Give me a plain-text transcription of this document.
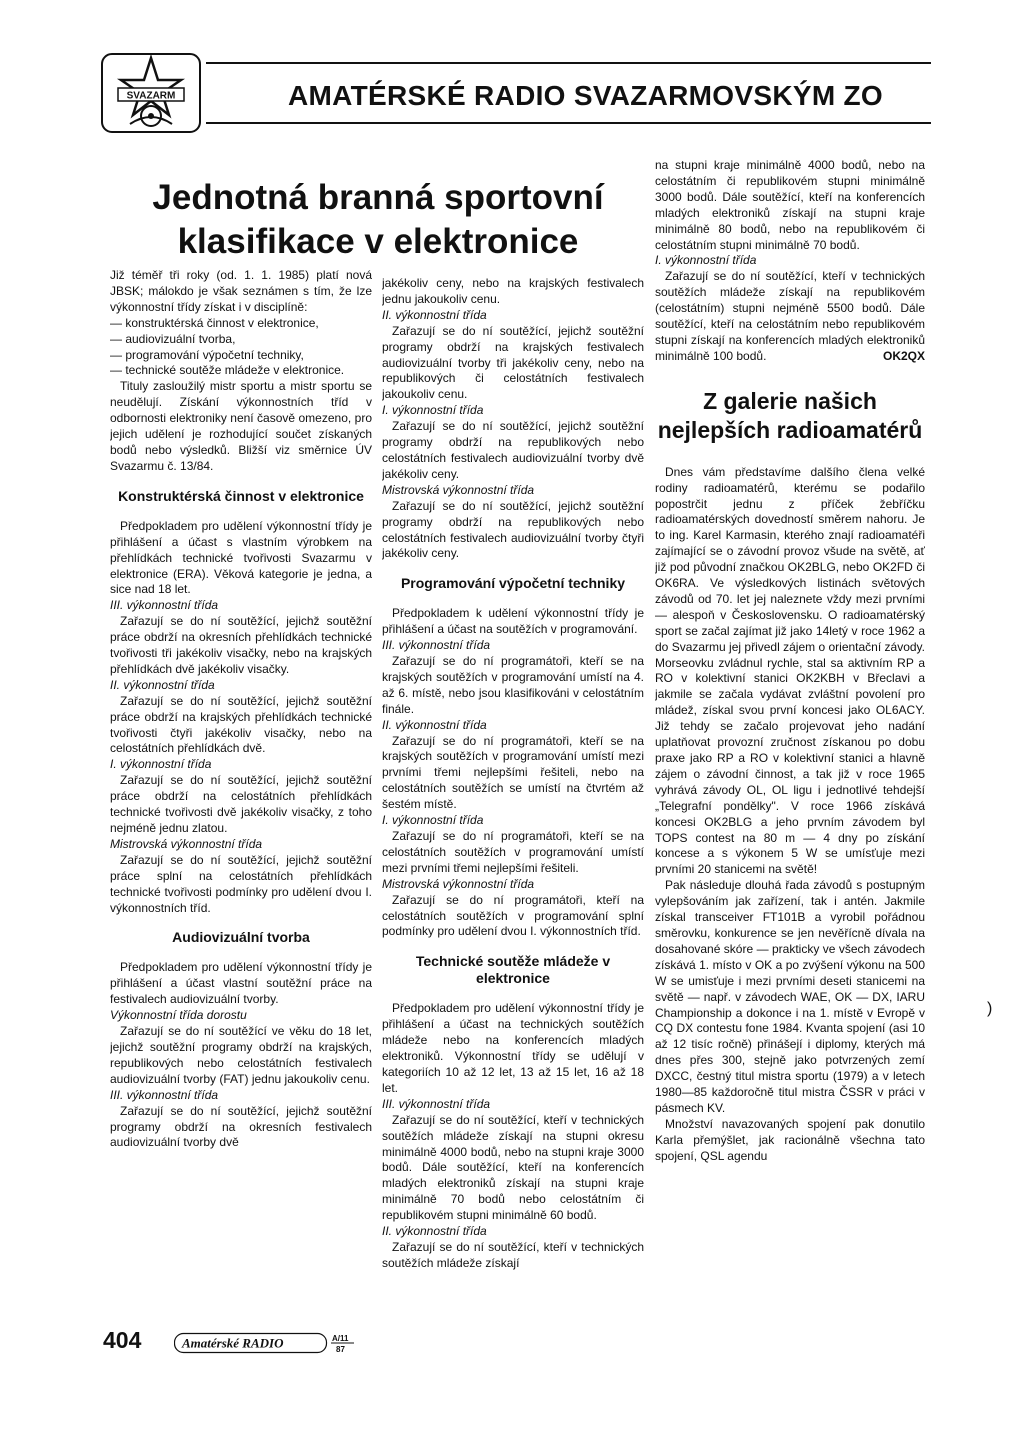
SVAZARM	AMATÉRSKÉ RADIO SVAZARMOVSKÝM ZO
Jednotná branná sportovní
klasifikace v elektronice

Již téměř tři roky (od. 1. 1. 1985) platí nová JBSK; málokdo je však seznámen s tím, že lze výkonnostní třídy získat i v disciplíně:

— konstruktérská činnost v elektronice,

— audiovizuální tvorba,

— programování výpočetní techniky,

— technické soutěže mládeže v elektronice.

Tituly zasloužilý mistr sportu a mistr sportu se neudělují. Získání výkonnostních tříd v odbornosti elektroniky není časově omezeno, pro jejich udělení je rozhodující součet získaných bodů nebo výsledků. Bližší viz směrnice ÚV Svazarmu č. 13/84.

Konstruktérská činnost v elektronice

Předpokladem pro udělení výkonnostní třídy je přihlášení a účast s vlastním výrobkem na přehlídkách technické tvořivosti Svazarmu v elektronice (ERA). Věková kategorie je jedna, a sice nad 18 let.

III. výkonnostní třída

Zařazují se do ní soutěžící, jejichž soutěžní práce obdrží na okresních přehlídkách technické tvořivosti tři jakékoliv visačky, nebo na krajských přehlídkách dvě jakékoliv visačky.

II. výkonnostní třída

Zařazují se do ní soutěžící, jejichž soutěžní práce obdrží na krajských přehlídkách technické tvořivosti čtyři jakékoliv visačky, nebo na celostátních přehlídkách dvě.

I. výkonnostní třída

Zařazují se do ní soutěžící, jejichž soutěžní práce obdrží na celostátních přehlídkách technické tvořivosti dvě jakékoliv visačky, z toho nejméně jednu zlatou.

Mistrovská výkonnostní třída

Zařazují se do ní soutěžící, jejichž soutěžní práce splní na celostátních přehlídkách technické tvořivosti podmínky pro udělení dvou I. výkonnostních tříd.

Audiovizuální tvorba

Předpokladem pro udělení výkonnostní třídy je přihlášení a účast vlastní soutěžní práce na festivalech audiovizuální tvorby.

Výkonnostní třída dorostu

Zařazují se do ní soutěžící ve věku do 18 let, jejichž soutěžní programy obdrží na krajských, republikových nebo celostátních festivalech audiovizuální tvorby (FAT) jednu jakoukoliv cenu.

III. výkonnostní třída

Zařazují se do ní soutěžící, jejichž soutěžní programy obdrží na okresních festivalech audiovizuální tvorby dvě

jakékoliv ceny, nebo na krajských festivalech jednu jakoukoliv cenu.

II. výkonnostní třída

Zařazují se do ní soutěžící, jejichž soutěžní programy obdrží na krajských festivalech audiovizuální tvorby tři jakékoliv ceny, nebo na republikových či celostátních festivalech jakoukoliv cenu.

I. výkonnostní třída

Zařazují se do ní soutěžící, jejichž soutěžní programy obdrží na republikových nebo celostátních festivalech audiovizuální tvorby dvě jakékoliv ceny.

Mistrovská výkonnostní třída

Zařazují se do ní soutěžící, jejichž soutěžní programy obdrží na republikových nebo celostátních festivalech audiovizuální tvorby čtyři jakékoliv ceny.

Programování výpočetní techniky

Předpokladem k udělení výkonnostní třídy je přihlášení a účast na soutěžích v programování.

III. výkonnostní třída

Zařazují se do ní programátoři, kteří se na krajských soutěžích v programování umístí na 4. až 6. místě, nebo jsou klasifikováni v celostátním finále.

II. výkonnostní třída

Zařazují se do ní programátoři, kteří se na krajských soutěžích v programování umístí mezi prvními třemi nejlepšími řešiteli, nebo na celostátních soutěžích se umístí na čtvrtém až šestém místě.

I. výkonnostní třída

Zařazují se do ní programátoři, kteří se na celostátních soutěžích v programování umístí mezi prvními třemi nejlepšími řešiteli.

Mistrovská výkonnostní třída

Zařazují se do ní programátoři, kteří na celostátních soutěžích v programování splní podmínky pro udělení dvou I. výkonnostních tříd.

Technické soutěže mládeže v elektronice

Předpokladem pro udělení výkonnostní třídy je přihlášení a účast na technických soutěžích mládeže nebo na konferencích mladých elektroniků. Výkonnostní třídy se udělují v kategoriích 10 až 12 let, 13 až 15 let, 16 až 18 let.

III. výkonnostní třída

Zařazují se do ní soutěžící, kteří v technických soutěžích mládeže získají na stupni okresu minimálně 4000 bodů, nebo na stupni kraje 3000 bodů. Dále soutěžící, kteří na konferencích mladých elektroniků získají na stupni kraje minimálně 70 bodů nebo celostátním či republikovém stupni minimálně 60 bodů.

II. výkonnostní třída

Zařazují se do ní soutěžící, kteří v technických soutěžích mládeže získají

na stupni kraje minimálně 4000 bodů, nebo na celostátním či republikovém stupni minimálně 3000 bodů. Dále soutěžící, kteří na konferencích mladých elektroniků získají na stupni kraje minimálně 80 bodů, nebo na republikovém či celostátním stupni minimálně 70 bodů.

I. výkonnostní třída

Zařazují se do ní soutěžící, kteří v technických soutěžích mládeže získají na republikovém (celostátním) stupni nejméně 5500 bodů. Dále soutěžící, kteří na celostátním nebo republikovém stupni získají na konferencích mladých elektroniků minimálně 100 bodů.	OK2QX
Z galerie našich nejlepších radioamatérů

Dnes vám představíme dalšího člena velké rodiny radioamatérů, kterému se podařilo popostrčit jednu z příček žebříčku radioamatérských dovedností směrem nahoru. Je to ing. Karel Karmasin, kterého znají radioamatéři zajímající se o závodní provoz všude na světě, ať již pod původní značkou OK2BLG, nebo OK2FD či OK6RA. Ve výsledkových listinách světových závodů od 70. let jej naleznete vždy mezi prvními — alespoň v Československu. O radioamatérský sport se začal zajímat již jako 14letý v roce 1962 a do Svazarmu jej přivedl zájem o orientační závody. Morseovku zvládnul rychle, stal sa aktivním RP a RO v kolektivní stanici OK2KBH v Břeclavi a jakmile se začala vydávat zvláštní povolení pro mládež, získal svou první koncesi jako OL6ACY. Již tehdy se začalo projevovat jeho nadání uplatňovat provozní zručnost získanou po dobu praxe jako RP a RO v kolektivní stanici a hlavně zájem o závodní činnost, a tak již v roce 1965 vyhrává závody OL, OL ligu i jednotlivé tehdejší „Telegrafní pondělky". V roce 1966 získává koncesi OK2BLG a jeho prvním závodem byl TOPS contest na 80 m — 4 dny po získání koncese a s výkonem 5 W se umísťuje mezi prvními 20 stanicemi na světě!

Pak následuje dlouhá řada závodů s postupným vylepšováním jak zařízení, tak i antén. Jakmile získal transceiver FT101B a vyrobil pořádnou směrovku, konkurence se jen nevěřícně dívala na dosahované skóre — prakticky ve všech závodech získává 1. místo v OK a po zvýšení výkonu na 500 W se umisťuje i mezi prvními deseti stanicemi na světě — např. v závodech WAE, OK — DX, IARU Championship a dokonce i na 1. místě v Evropě v CQ DX contestu fone 1984. Kvanta spojení (asi 10 až 12 tisíc ročně) přinášejí i diplomy, kterých má dnes přes 300, stejně jako potvrzených zemí DXCC, čestný titul mistra sportu (1979) a v letech 1980—85 každoročně titul mistra ČSSR v práci v pásmech KV.

Množství navazovaných spojení pak donutilo Karla přemýšlet, jak racionálně všechna tato spojení, QSL agendu

404	Amatérské RADIO	A/11
87
)
